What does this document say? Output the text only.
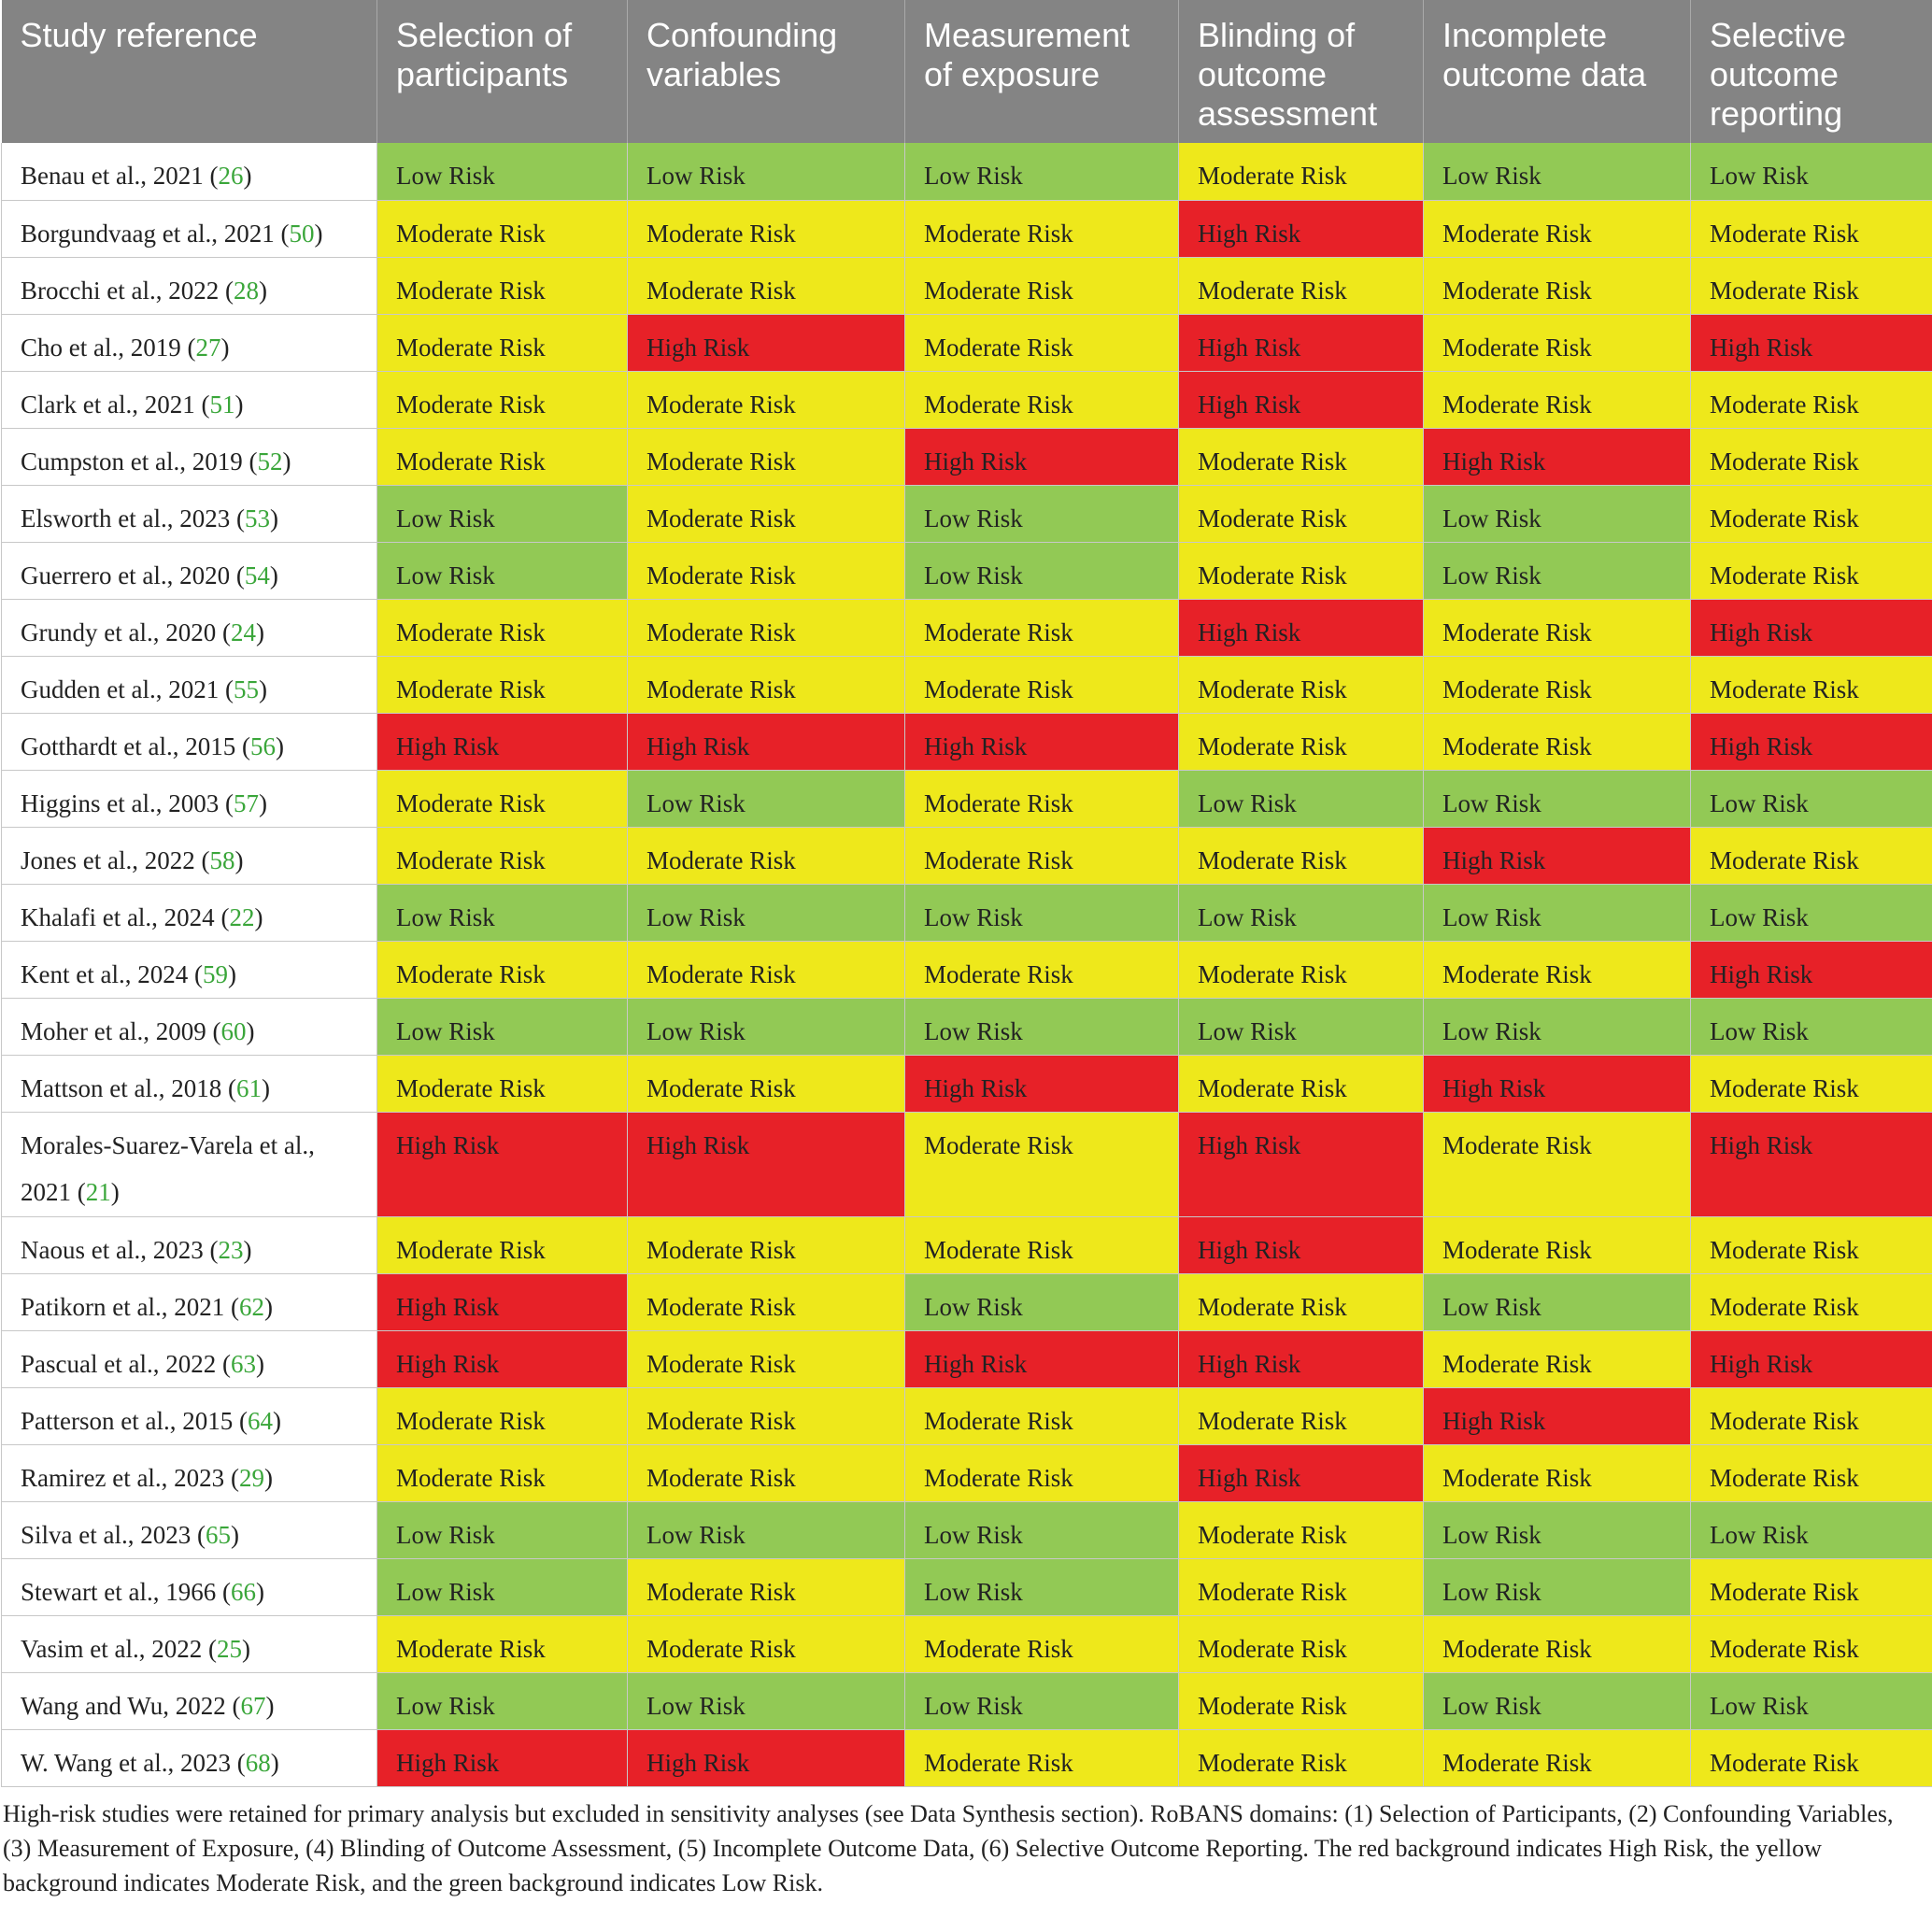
Study reference	Selection of participants	Confounding variables	Measurement of exposure	Blinding of outcome assessment	Incomplete outcome data	Selective outcome reporting
Benau et al., 2021 (26)	Low Risk	Low Risk	Low Risk	Moderate Risk	Low Risk	Low Risk
Borgundvaag et al., 2021 (50)	Moderate Risk	Moderate Risk	Moderate Risk	High Risk	Moderate Risk	Moderate Risk
Brocchi et al., 2022 (28)	Moderate Risk	Moderate Risk	Moderate Risk	Moderate Risk	Moderate Risk	Moderate Risk
Cho et al., 2019 (27)	Moderate Risk	High Risk	Moderate Risk	High Risk	Moderate Risk	High Risk
Clark et al., 2021 (51)	Moderate Risk	Moderate Risk	Moderate Risk	High Risk	Moderate Risk	Moderate Risk
Cumpston et al., 2019 (52)	Moderate Risk	Moderate Risk	High Risk	Moderate Risk	High Risk	Moderate Risk
Elsworth et al., 2023 (53)	Low Risk	Moderate Risk	Low Risk	Moderate Risk	Low Risk	Moderate Risk
Guerrero et al., 2020 (54)	Low Risk	Moderate Risk	Low Risk	Moderate Risk	Low Risk	Moderate Risk
Grundy et al., 2020 (24)	Moderate Risk	Moderate Risk	Moderate Risk	High Risk	Moderate Risk	High Risk
Gudden et al., 2021 (55)	Moderate Risk	Moderate Risk	Moderate Risk	Moderate Risk	Moderate Risk	Moderate Risk
Gotthardt et al., 2015 (56)	High Risk	High Risk	High Risk	Moderate Risk	Moderate Risk	High Risk
Higgins et al., 2003 (57)	Moderate Risk	Low Risk	Moderate Risk	Low Risk	Low Risk	Low Risk
Jones et al., 2022 (58)	Moderate Risk	Moderate Risk	Moderate Risk	Moderate Risk	High Risk	Moderate Risk
Khalafi et al., 2024 (22)	Low Risk	Low Risk	Low Risk	Low Risk	Low Risk	Low Risk
Kent et al., 2024 (59)	Moderate Risk	Moderate Risk	Moderate Risk	Moderate Risk	Moderate Risk	High Risk
Moher et al., 2009 (60)	Low Risk	Low Risk	Low Risk	Low Risk	Low Risk	Low Risk
Mattson et al., 2018 (61)	Moderate Risk	Moderate Risk	High Risk	Moderate Risk	High Risk	Moderate Risk
Morales-Suarez-Varela et al., 2021 (21)	High Risk	High Risk	Moderate Risk	High Risk	Moderate Risk	High Risk
Naous et al., 2023 (23)	Moderate Risk	Moderate Risk	Moderate Risk	High Risk	Moderate Risk	Moderate Risk
Patikorn et al., 2021 (62)	High Risk	Moderate Risk	Low Risk	Moderate Risk	Low Risk	Moderate Risk
Pascual et al., 2022 (63)	High Risk	Moderate Risk	High Risk	High Risk	Moderate Risk	High Risk
Patterson et al., 2015 (64)	Moderate Risk	Moderate Risk	Moderate Risk	Moderate Risk	High Risk	Moderate Risk
Ramirez et al., 2023 (29)	Moderate Risk	Moderate Risk	Moderate Risk	High Risk	Moderate Risk	Moderate Risk
Silva et al., 2023 (65)	Low Risk	Low Risk	Low Risk	Moderate Risk	Low Risk	Low Risk
Stewart et al., 1966 (66)	Low Risk	Moderate Risk	Low Risk	Moderate Risk	Low Risk	Moderate Risk
Vasim et al., 2022 (25)	Moderate Risk	Moderate Risk	Moderate Risk	Moderate Risk	Moderate Risk	Moderate Risk
Wang and Wu, 2022 (67)	Low Risk	Low Risk	Low Risk	Moderate Risk	Low Risk	Low Risk
W. Wang et al., 2023 (68)	High Risk	High Risk	Moderate Risk	Moderate Risk	Moderate Risk	Moderate Risk

High-risk studies were retained for primary analysis but excluded in sensitivity analyses (see Data Synthesis section). RoBANS domains: (1) Selection of Participants, (2) Confounding Variables, (3) Measurement of Exposure, (4) Blinding of Outcome Assessment, (5) Incomplete Outcome Data, (6) Selective Outcome Reporting. The red background indicates High Risk, the yellow background indicates Moderate Risk, and the green background indicates Low Risk.
